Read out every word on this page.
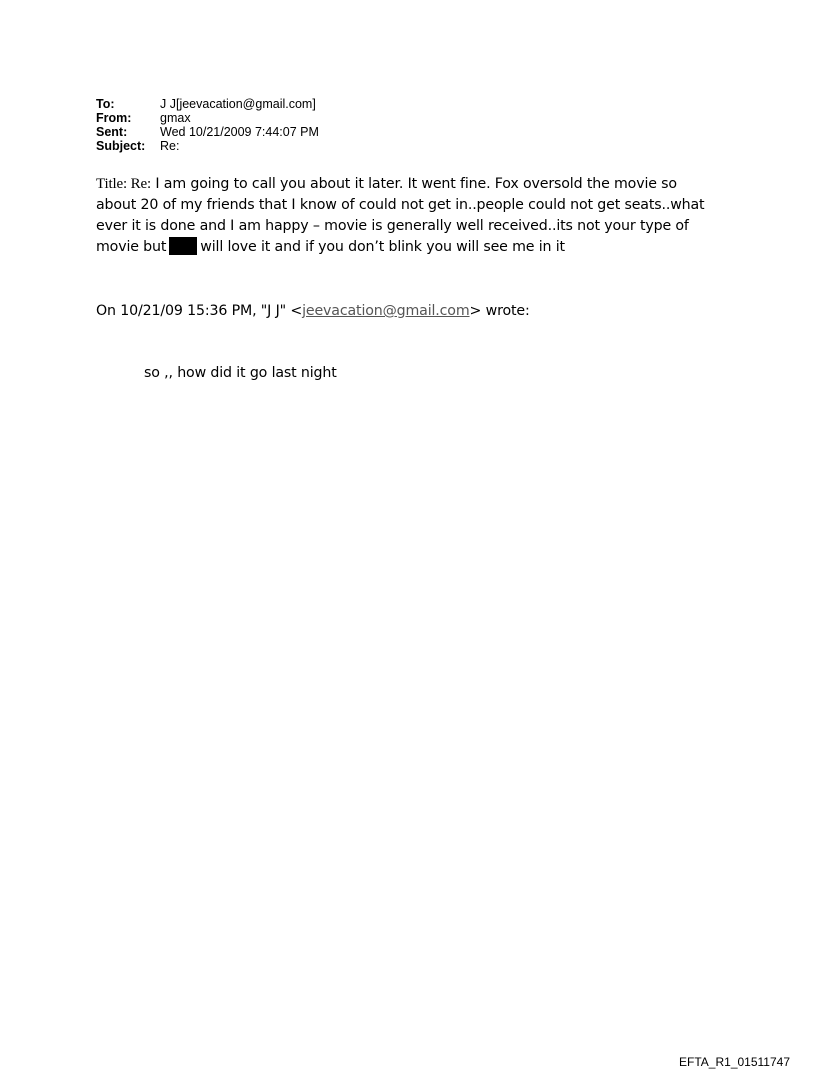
To:	J J[jeevacation@gmail.com]
From:	gmax
Sent:	Wed 10/21/2009 7:44:07 PM
Subject:	Re:
Title: Re: I am going to call you about it later. It went fine. Fox oversold the movie so
about 20 of my friends that I know of could not get in..people could not get seats..what
ever it is done and I am happy – movie is generally well received..its not your type of
movie but will love it and if you don’t blink you will see me in it
On 10/21/09 15:36 PM, "J J" <jeevacation@gmail.com> wrote:
so ,, how did it go last night
EFTA_R1_01511747
